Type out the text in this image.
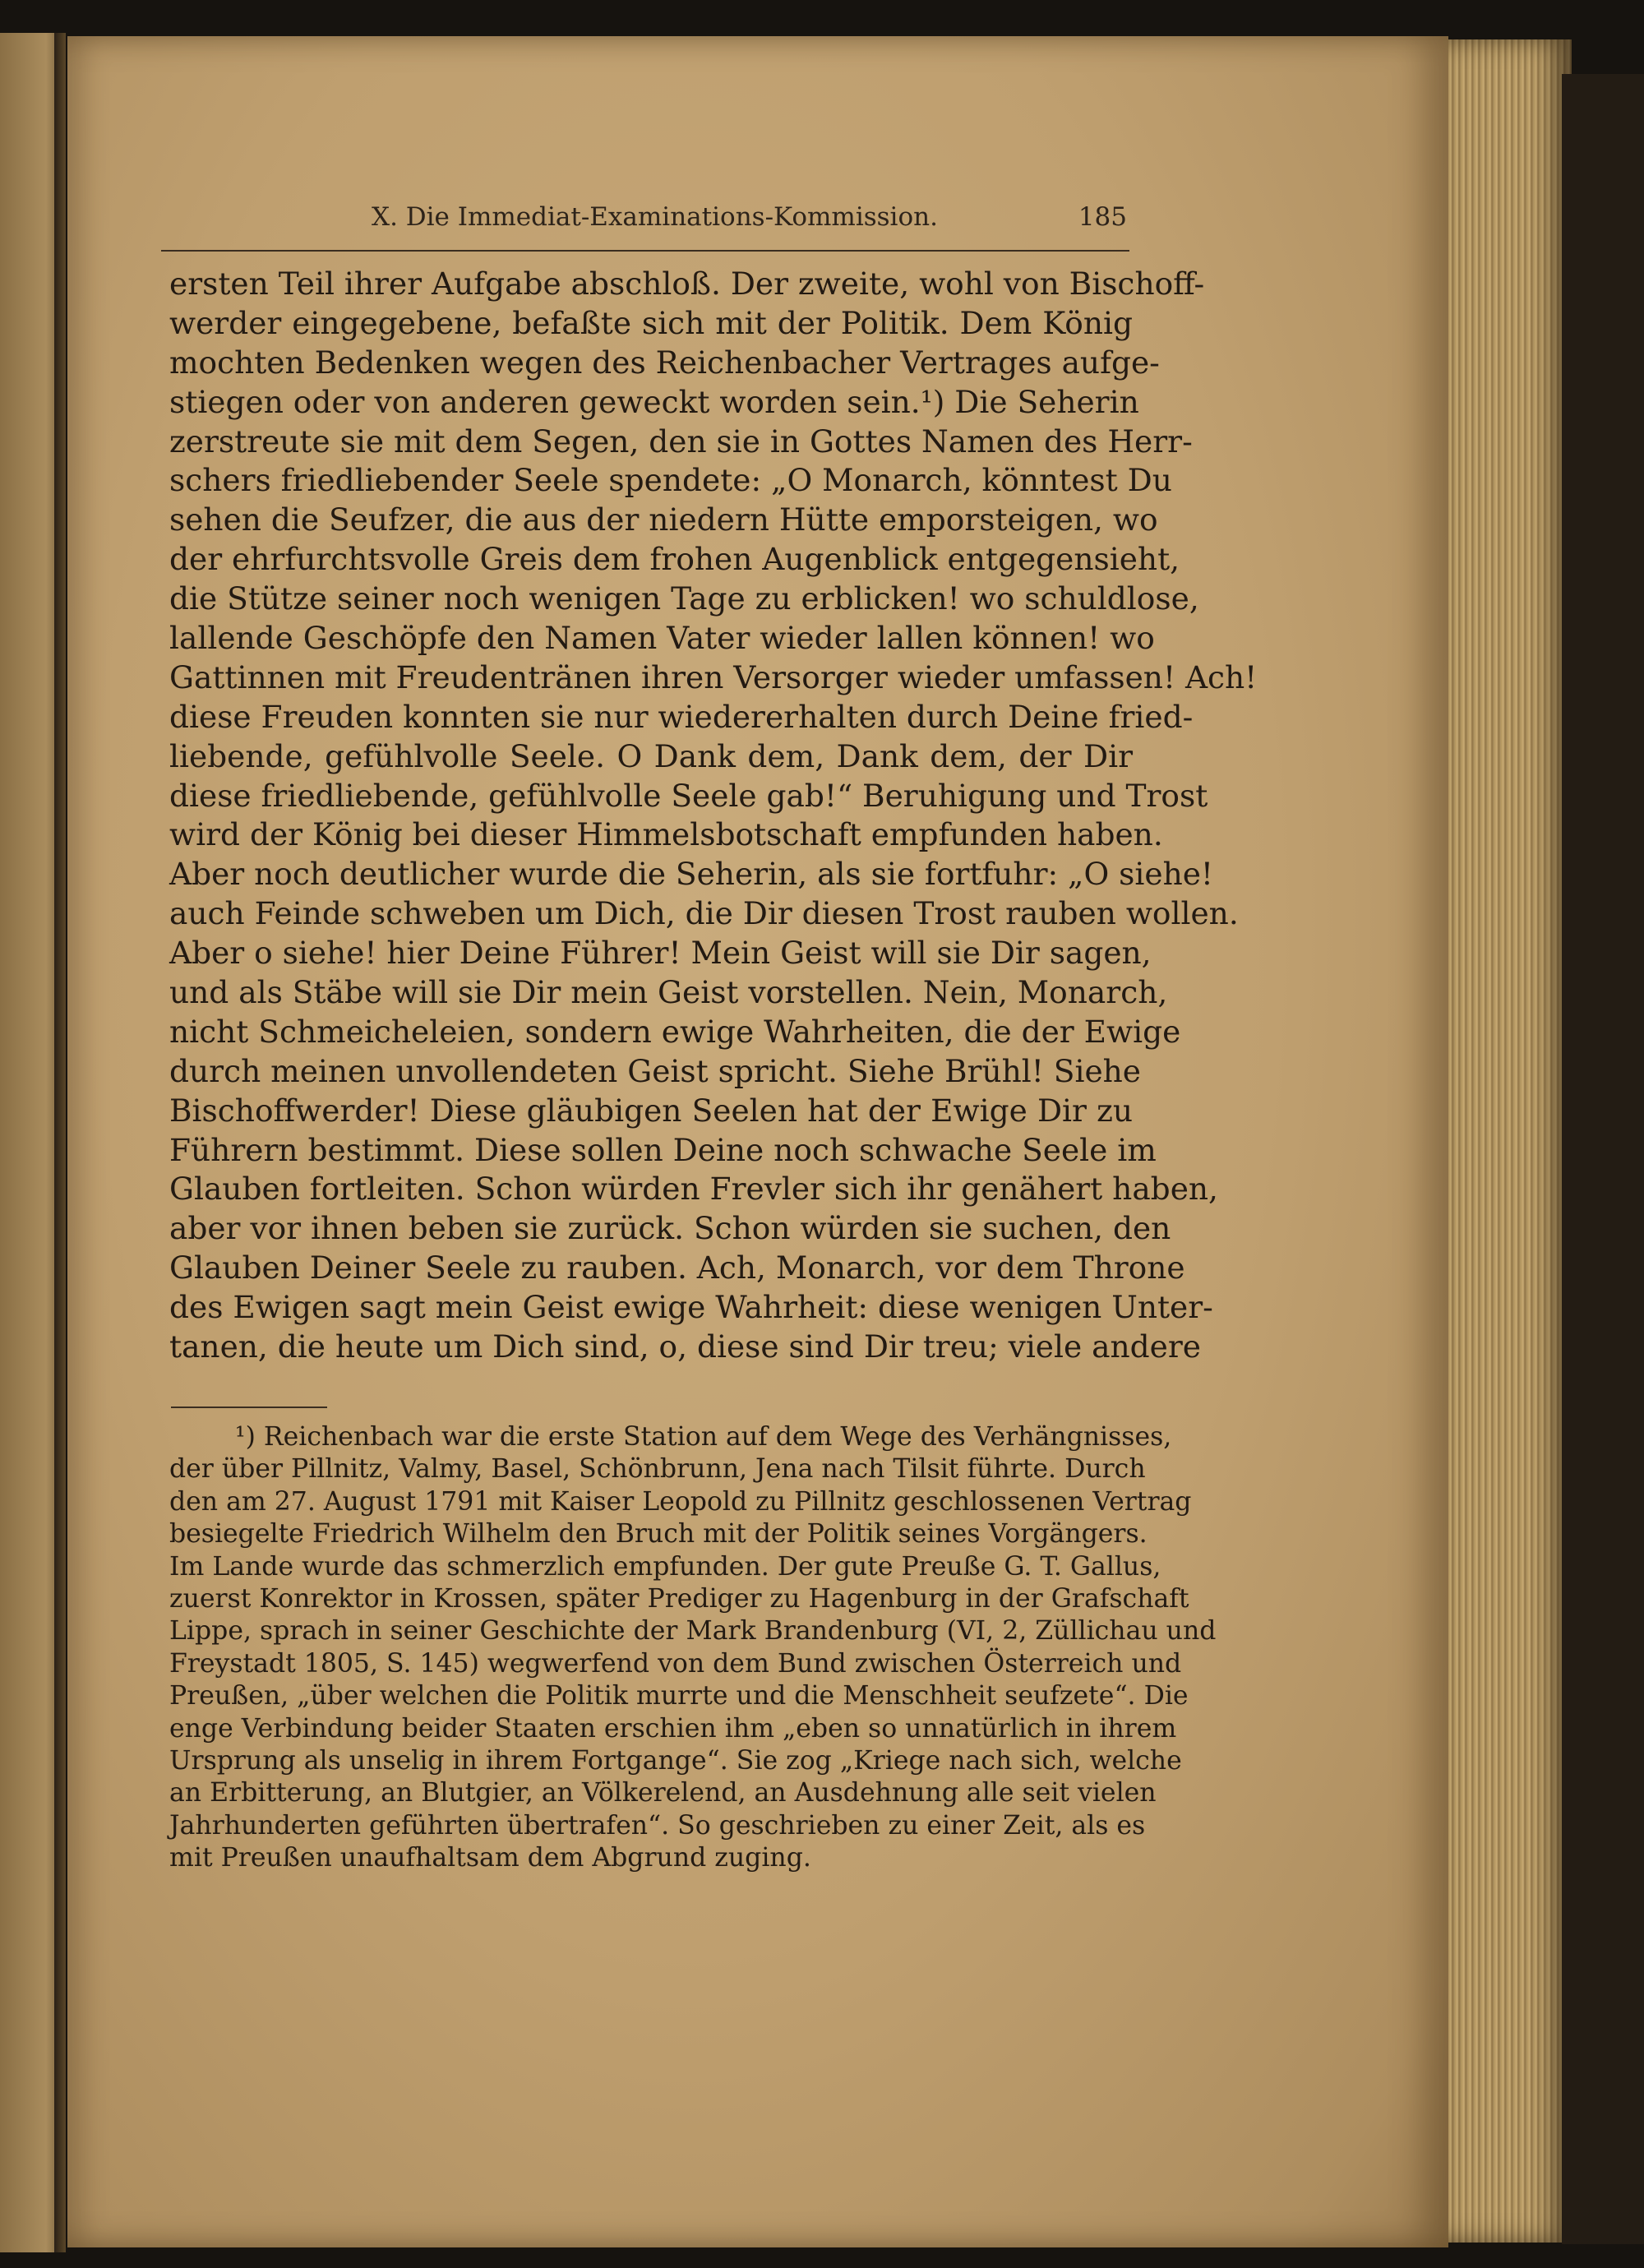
X. Die Immediat-Examinations-Kommission.	185
ersten Teil ihrer Aufgabe abschloß. Der zweite, wohl von Bischoff-
werder eingegebene, befaßte sich mit der Politik. Dem König
mochten Bedenken wegen des Reichenbacher Vertrages aufge-
stiegen oder von anderen geweckt worden sein.¹) Die Seherin
zerstreute sie mit dem Segen, den sie in Gottes Namen des Herr-
schers friedliebender Seele spendete: „O Monarch, könntest Du
sehen die Seufzer, die aus der niedern Hütte emporsteigen, wo
der ehrfurchtsvolle Greis dem frohen Augenblick entgegensieht,
die Stütze seiner noch wenigen Tage zu erblicken! wo schuldlose,
lallende Geschöpfe den Namen Vater wieder lallen können! wo
Gattinnen mit Freudentränen ihren Versorger wieder umfassen! Ach!
diese Freuden konnten sie nur wiedererhalten durch Deine fried-
liebende, gefühlvolle Seele. O Dank dem, Dank dem, der Dir
diese friedliebende, gefühlvolle Seele gab!“ Beruhigung und Trost
wird der König bei dieser Himmelsbotschaft empfunden haben.
Aber noch deutlicher wurde die Seherin, als sie fortfuhr: „O siehe!
auch Feinde schweben um Dich, die Dir diesen Trost rauben wollen.
Aber o siehe! hier Deine Führer! Mein Geist will sie Dir sagen,
und als Stäbe will sie Dir mein Geist vorstellen. Nein, Monarch,
nicht Schmeicheleien, sondern ewige Wahrheiten, die der Ewige
durch meinen unvollendeten Geist spricht. Siehe Brühl! Siehe
Bischoffwerder! Diese gläubigen Seelen hat der Ewige Dir zu
Führern bestimmt. Diese sollen Deine noch schwache Seele im
Glauben fortleiten. Schon würden Frevler sich ihr genähert haben,
aber vor ihnen beben sie zurück. Schon würden sie suchen, den
Glauben Deiner Seele zu rauben. Ach, Monarch, vor dem Throne
des Ewigen sagt mein Geist ewige Wahrheit: diese wenigen Unter-
tanen, die heute um Dich sind, o, diese sind Dir treu; viele andere
¹) Reichenbach war die erste Station auf dem Wege des Verhängnisses,
der über Pillnitz, Valmy, Basel, Schönbrunn, Jena nach Tilsit führte. Durch
den am 27. August 1791 mit Kaiser Leopold zu Pillnitz geschlossenen Vertrag
besiegelte Friedrich Wilhelm den Bruch mit der Politik seines Vorgängers.
Im Lande wurde das schmerzlich empfunden. Der gute Preuße G. T. Gallus,
zuerst Konrektor in Krossen, später Prediger zu Hagenburg in der Grafschaft
Lippe, sprach in seiner Geschichte der Mark Brandenburg (VI, 2, Züllichau und
Freystadt 1805, S. 145) wegwerfend von dem Bund zwischen Österreich und
Preußen, „über welchen die Politik murrte und die Menschheit seufzete“. Die
enge Verbindung beider Staaten erschien ihm „eben so unnatürlich in ihrem
Ursprung als unselig in ihrem Fortgange“. Sie zog „Kriege nach sich, welche
an Erbitterung, an Blutgier, an Völkerelend, an Ausdehnung alle seit vielen
Jahrhunderten geführten übertrafen“. So geschrieben zu einer Zeit, als es
mit Preußen unaufhaltsam dem Abgrund zuging.
